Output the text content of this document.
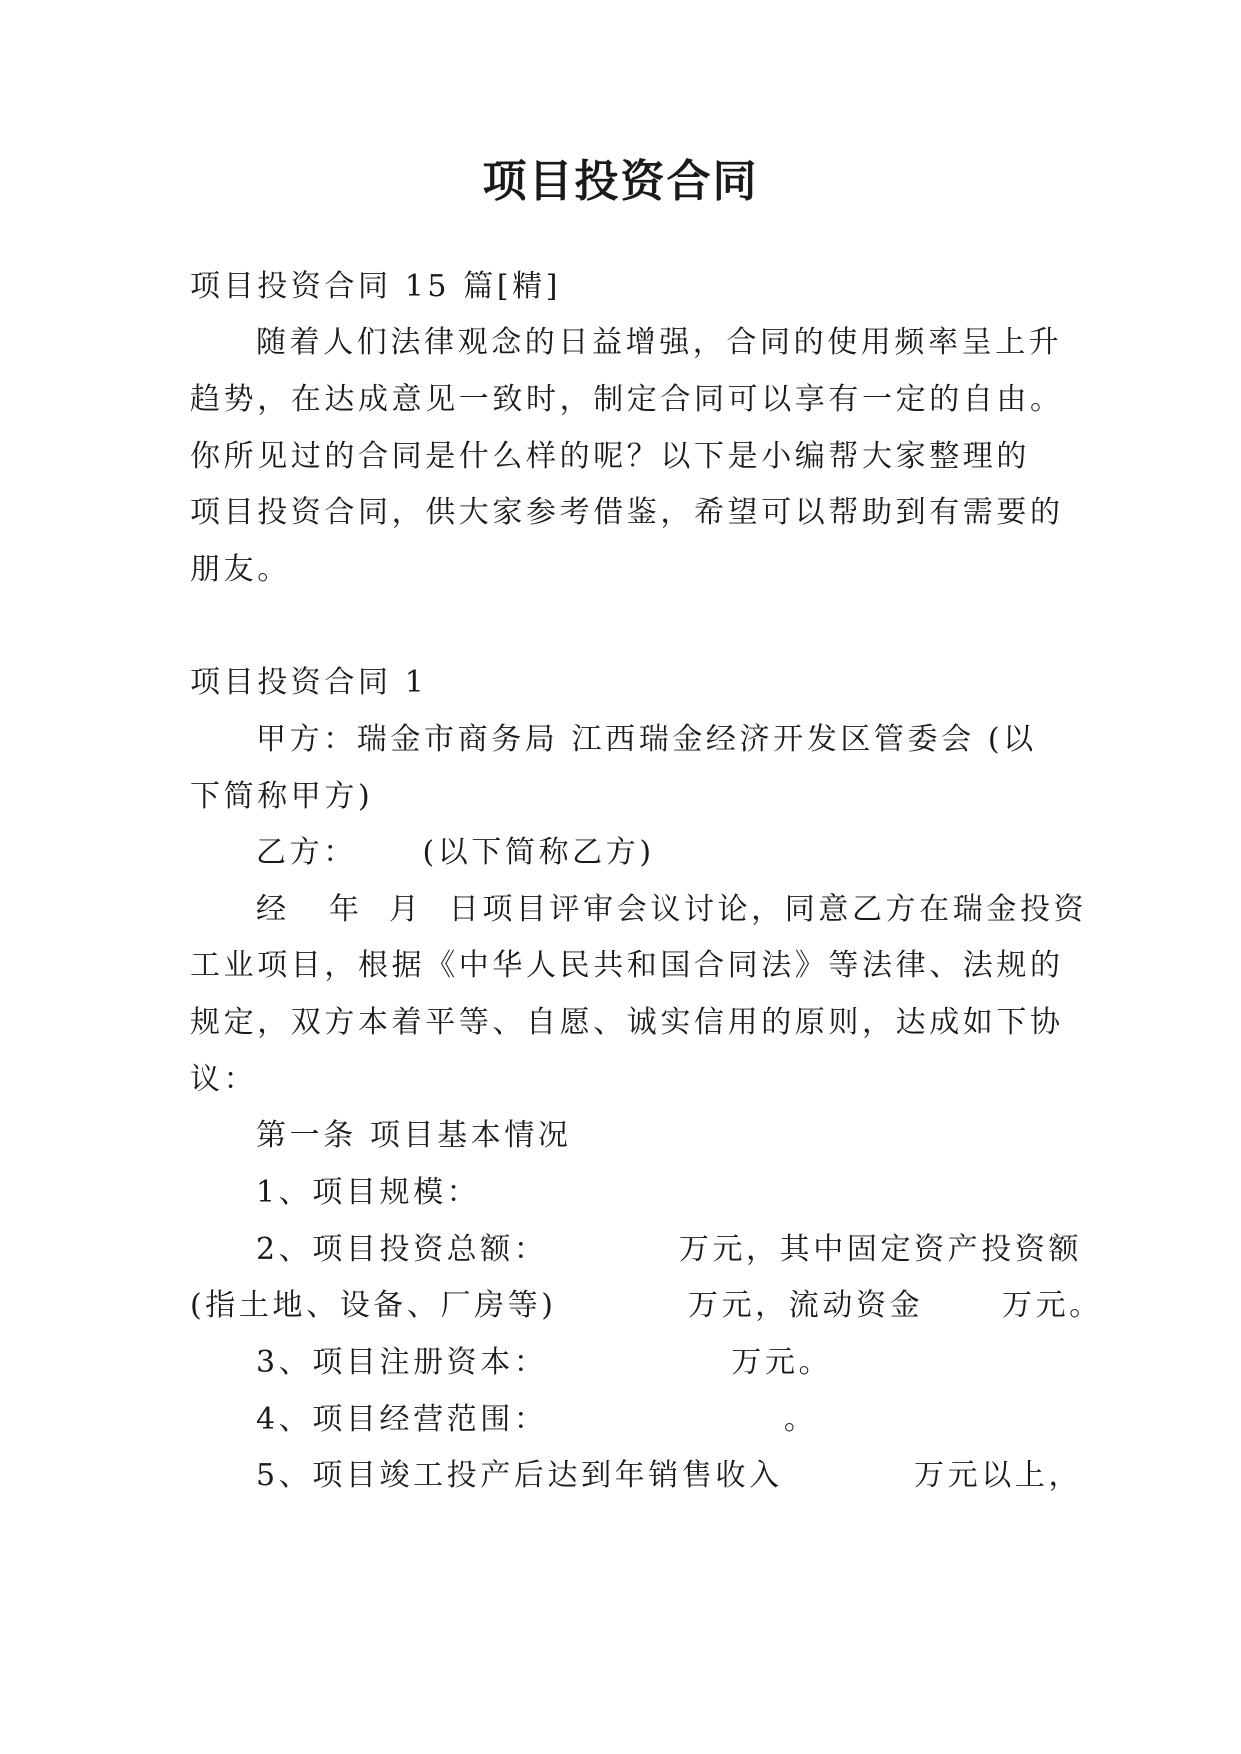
项目投资合同
项目投资合同 15 篇[精]
随着人们法律观念的日益增强，合同的使用频率呈上升
趋势，在达成意见一致时，制定合同可以享有一定的自由。
你所见过的合同是什么样的呢？以下是小编帮大家整理的
项目投资合同，供大家参考借鉴，希望可以帮助到有需要的
朋友。
项目投资合同 1
甲方：瑞金市商务局 江西瑞金经济开发区管委会 (以
下简称甲方)
乙方：     (以下简称乙方)
经   年  月  日项目评审会议讨论，同意乙方在瑞金投资
工业项目，根据《中华人民共和国合同法》等法律、法规的
规定，双方本着平等、自愿、诚实信用的原则，达成如下协
议：
第一条 项目基本情况
1、项目规模：
2、项目投资总额：          万元，其中固定资产投资额
(指土地、设备、厂房等)          万元，流动资金      万元。
3、项目注册资本：              万元。
4、项目经营范围：                  。
5、项目竣工投产后达到年销售收入          万元以上，
